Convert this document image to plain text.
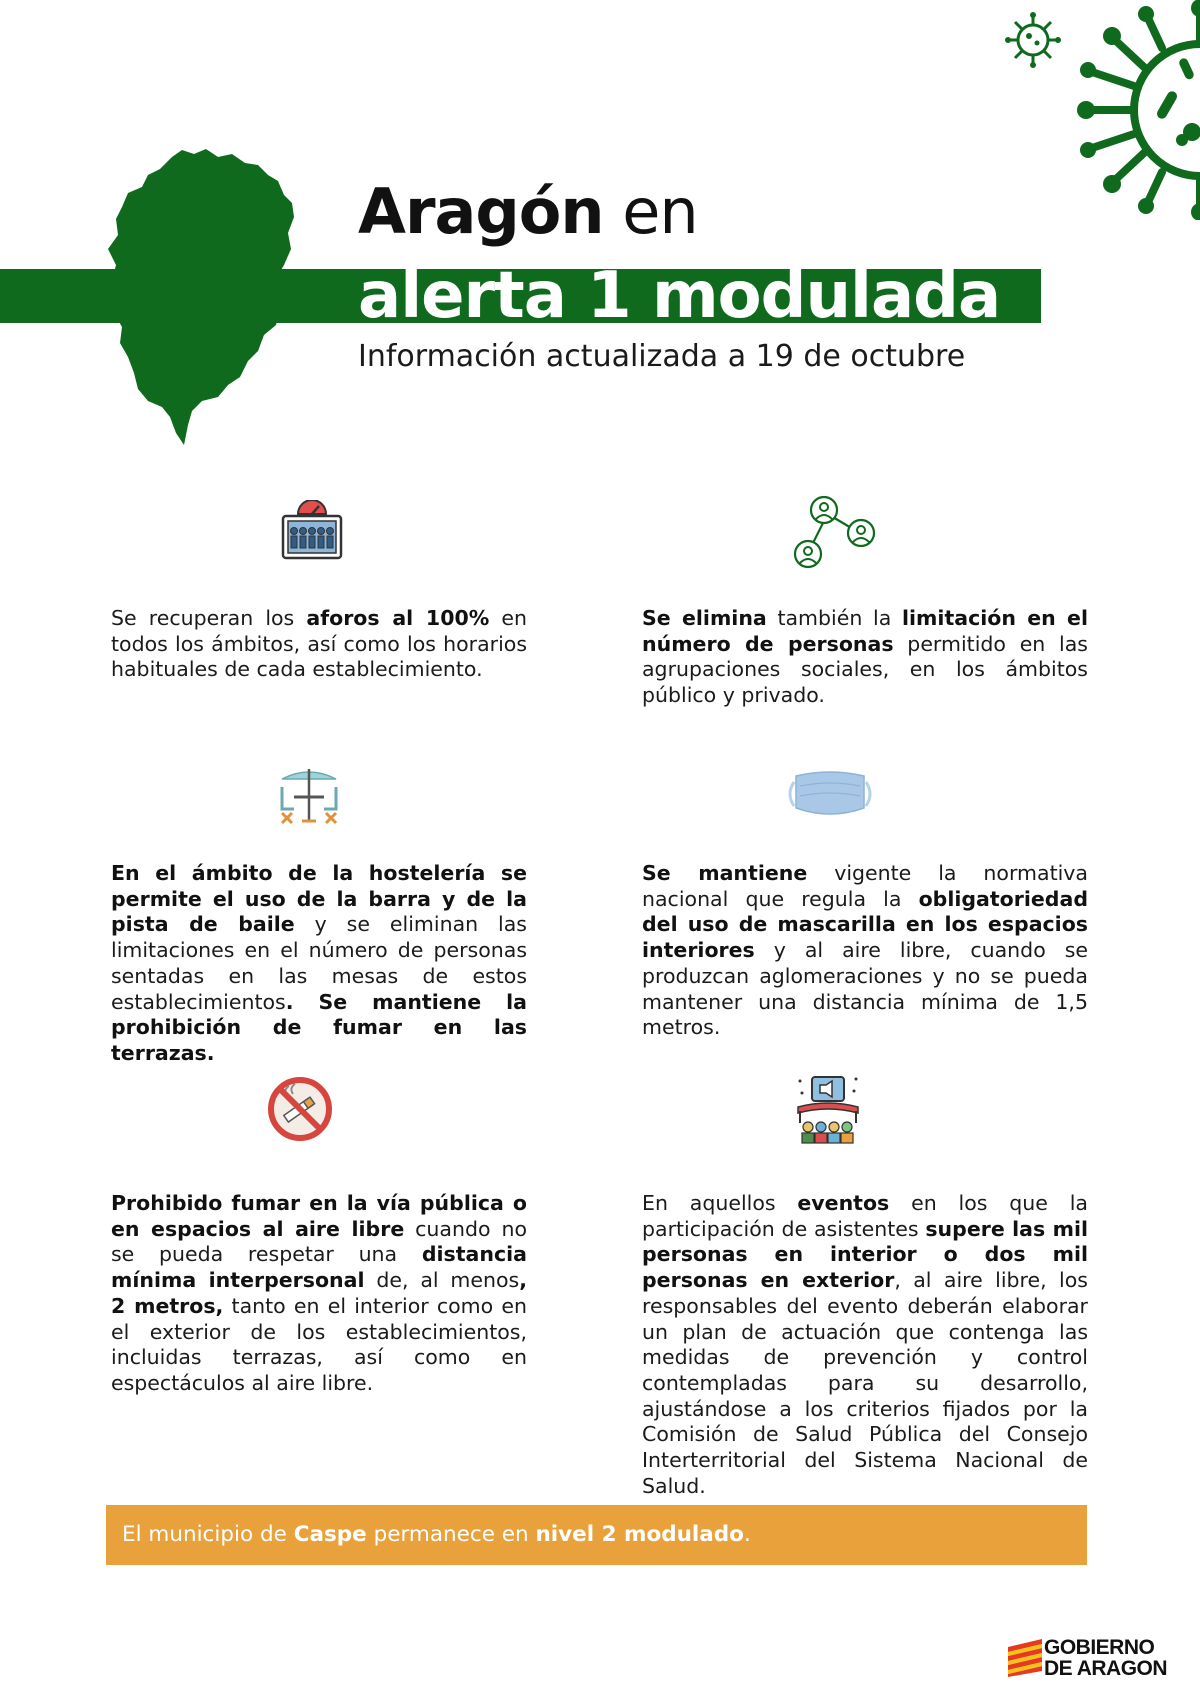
Aragón en
alerta 1 modulada
Información actualizada a 19 de octubre
Se recuperan los aforos al 100% en todos los ámbitos, así como los horarios habituales de cada establecimiento.
Se elimina también la limitación en el número de personas permitido en las agrupaciones sociales, en los ámbitos público y privado.
En el ámbito de la hostelería se permite el uso de la barra y de la pista de baile y se eliminan las limitaciones en el número de personas sentadas en las mesas de estos establecimientos. Se mantiene la prohibición de fumar en las terrazas.
Se mantiene vigente la normativa nacional que regula la obligatoriedad del uso de mascarilla en los espacios interiores y al aire libre, cuando se produzcan aglomeraciones y no se pueda mantener una distancia mínima de 1,5 metros.
Prohibido fumar en la vía pública o en espacios al aire libre cuando no se pueda respetar una distancia mínima interpersonal de, al menos, 2 metros, tanto en el interior como en el exterior de los establecimientos, incluidas terrazas, así como en espectáculos al aire libre.
En aquellos eventos en los que la participación de asistentes supere las mil personas en interior o dos mil personas en exterior, al aire libre, los responsables del evento deberán elaborar un plan de actuación que contenga las medidas de prevención y control contempladas para su desarrollo, ajustándose a los criterios fijados por la Comisión de Salud Pública del Consejo Interterritorial del Sistema Nacional de Salud.
El municipio de Caspe permanece en nivel 2 modulado.
GOBIERNO
DE ARAGON
